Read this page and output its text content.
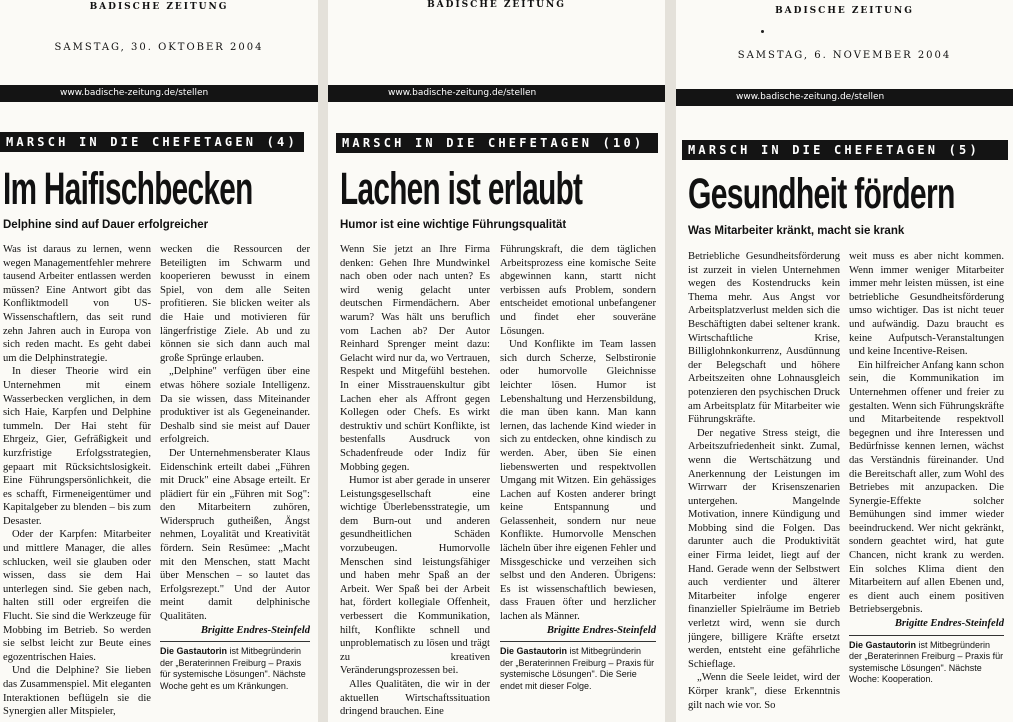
BADISCHE ZEITUNG
SAMSTAG, 30. OKTOBER 2004
www.badische-zeitung.de/stellen
MARSCH IN DIE CHEFETAGEN (4)
Im Haifischbecken
Delphine sind auf Dauer erfolgreicher

Was ist daraus zu lernen, wenn wegen Managementfehler mehrere tausend Arbeiter entlassen werden müssen? Eine Antwort gibt das Konfliktmodell von US-Wissenschaftlern, das seit rund zehn Jahren auch in Europa von sich reden macht. Es geht dabei um die Delphinstrategie.

In dieser Theorie wird ein Unternehmen mit einem Wasserbecken verglichen, in dem sich Haie, Karpfen und Delphine tummeln. Der Hai steht für Ehrgeiz, Gier, Gefräßigkeit und kurzfristige Erfolgsstrategien, gepaart mit Rücksichtslosigkeit. Eine Führungspersönlichkeit, die es schafft, Firmeneigentümer und Kapitalgeber zu blenden – bis zum Desaster.

Oder der Karpfen: Mitarbeiter und mittlere Manager, die alles schlucken, weil sie glauben oder wissen, dass sie dem Hai unterlegen sind. Sie geben nach, halten still oder ergreifen die Flucht. Sie sind die Werkzeuge für Mobbing im Betrieb. So werden sie selbst leicht zur Beute eines egozentrischen Haies.

Und die Delphine? Sie lieben das Zusammenspiel. Mit eleganten Interaktionen beflügeln sie die Synergien aller Mitspieler,

wecken die Ressourcen der Beteiligten im Schwarm und kooperieren bewusst in einem Spiel, von dem alle Seiten profitieren. Sie blicken weiter als die Haie und motivieren für längerfristige Ziele. Ab und zu können sie sich dann auch mal große Sprünge erlauben.

„Delphine" verfügen über eine etwas höhere soziale Intelligenz. Da sie wissen, dass Miteinander produktiver ist als Gegeneinander. Deshalb sind sie meist auf Dauer erfolgreich.

Der Unternehmensberater Klaus Eidenschink erteilt dabei „Führen mit Druck" eine Absage erteilt. Er plädiert für ein „Führen mit Sog": den Mitarbeitern zuhören, Widerspruch gutheißen, Ängst nehmen, Loyalität und Kreativität fördern. Sein Resümee: „Macht mit den Menschen, statt Macht über Menschen – so lautet das Erfolgsrezept." Und der Autor meint damit delphinische Qualitäten.

Brigitte Endres-Steinfeld

Die Gastautorin ist Mitbegründerin der „Beraterinnen Freiburg – Praxis für systemische Lösungen". Nächste Woche geht es um Kränkungen.

BADISCHE ZEITUNG
www.badische-zeitung.de/stellen
MARSCH IN DIE CHEFETAGEN (10)
Lachen ist erlaubt
Humor ist eine wichtige Führungsqualität

Wenn Sie jetzt an Ihre Firma denken: Gehen Ihre Mundwinkel nach oben oder nach unten? Es wird wenig gelacht unter deutschen Firmendächern. Aber warum? Was hält uns beruflich vom Lachen ab? Der Autor Reinhard Sprenger meint dazu: Gelacht wird nur da, wo Vertrauen, Respekt und Mitgefühl bestehen. In einer Misstrauenskultur gibt Lachen eher als Affront gegen Kollegen oder Chefs. Es wirkt destruktiv und schürt Konflikte, ist bestenfalls Ausdruck von Schadenfreude oder Indiz für Mobbing gegen.

Humor ist aber gerade in unserer Leistungsgesellschaft eine wichtige Überlebensstrategie, um dem Burn-out und anderen gesundheitlichen Schäden vorzubeugen. Humorvolle Menschen sind leistungsfähiger und haben mehr Spaß an der Arbeit. Wer Spaß bei der Arbeit hat, fördert kollegiale Offenheit, verbessert die Kommunikation, hilft, Konflikte schnell und unproblematisch zu lösen und trägt zu kreativen Veränderungsprozessen bei.

Alles Qualitäten, die wir in der aktuellen Wirtschaftssituation dringend brauchen. Eine

Führungskraft, die dem täglichen Arbeitsprozess eine komische Seite abgewinnen kann, startt nicht verbissen aufs Problem, sondern entscheidet emotional unbefangener und findet eher souveräne Lösungen.

Und Konflikte im Team lassen sich durch Scherze, Selbstironie oder humorvolle Gleichnisse leichter lösen. Humor ist Lebenshaltung und Herzensbildung, die man üben kann. Man kann lernen, das lachende Kind wieder in sich zu entdecken, ohne kindisch zu werden. Aber, üben Sie einen liebenswerten und respektvollen Umgang mit Witzen. Ein gehässiges Lachen auf Kosten anderer bringt keine Entspannung und Gelassenheit, sondern nur neue Konflikte. Humorvolle Menschen lächeln über ihre eigenen Fehler und Missgeschicke und verzeihen sich selbst und den Anderen. Übrigens: Es ist wissenschaftlich bewiesen, dass Frauen öfter und herzlicher lachen als Männer.

Brigitte Endres-Steinfeld

Die Gastautorin ist Mitbegründerin der „Beraterinnen Freiburg – Praxis für systemische Lösungen". Die Serie endet mit dieser Folge.

BADISCHE ZEITUNG
SAMSTAG, 6. NOVEMBER 2004
www.badische-zeitung.de/stellen
MARSCH IN DIE CHEFETAGEN (5)
Gesundheit fördern
Was Mitarbeiter kränkt, macht sie krank

Betriebliche Gesundheitsförderung ist zurzeit in vielen Unternehmen wegen des Kostendrucks kein Thema mehr. Aus Angst vor Arbeitsplatzverlust melden sich die Beschäftigten dabei seltener krank. Wirtschaftliche Krise, Billiglohnkonkurrenz, Ausdünnung der Belegschaft und höhere Arbeitszeiten ohne Lohnausgleich potenzieren den psychischen Druck am Arbeitsplatz für Mitarbeiter wie Führungskräfte.

Der negative Stress steigt, die Arbeitszufriedenheit sinkt. Zumal, wenn die Wertschätzung und Anerkennung der Leistungen im Wirrwarr der Krisenszenarien untergehen. Mangelnde Motivation, innere Kündigung und Mobbing sind die Folgen. Das darunter auch die Produktivität einer Firma leidet, liegt auf der Hand. Gerade wenn der Selbstwert auch verdienter und älterer Mitarbeiter infolge engerer finanzieller Spielräume im Betrieb verletzt wird, wenn sie durch jüngere, billigere Kräfte ersetzt werden, entsteht eine gefährliche Schieflage.

„Wenn die Seele leidet, wird der Körper krank", diese Erkenntnis gilt nach wie vor. So

weit muss es aber nicht kommen. Wenn immer weniger Mitarbeiter immer mehr leisten müssen, ist eine betriebliche Gesundheitsförderung umso wichtiger. Das ist nicht teuer und aufwändig. Dazu braucht es keine Aufputsch-Veranstaltungen und keine Incentive-Reisen.

Ein hilfreicher Anfang kann schon sein, die Kommunikation im Unternehmen offener und freier zu gestalten. Wenn sich Führungskräfte und Mitarbeitende respektvoll begegnen und ihre Interessen und Bedürfnisse kennen lernen, wächst das Verständnis füreinander. Und die Bereitschaft aller, zum Wohl des Betriebes mit anzupacken. Die Synergie-Effekte solcher Bemühungen sind immer wieder beeindruckend. Wer nicht gekränkt, sondern geachtet wird, hat gute Chancen, nicht krank zu werden. Ein solches Klima dient den Mitarbeitern auf allen Ebenen und, es dient auch einem positiven Betriebsergebnis.

Brigitte Endres-Steinfeld

Die Gastautorin ist Mitbegründerin der „Beraterinnen Freiburg – Praxis für systemische Lösungen". Nächste Woche: Kooperation.
